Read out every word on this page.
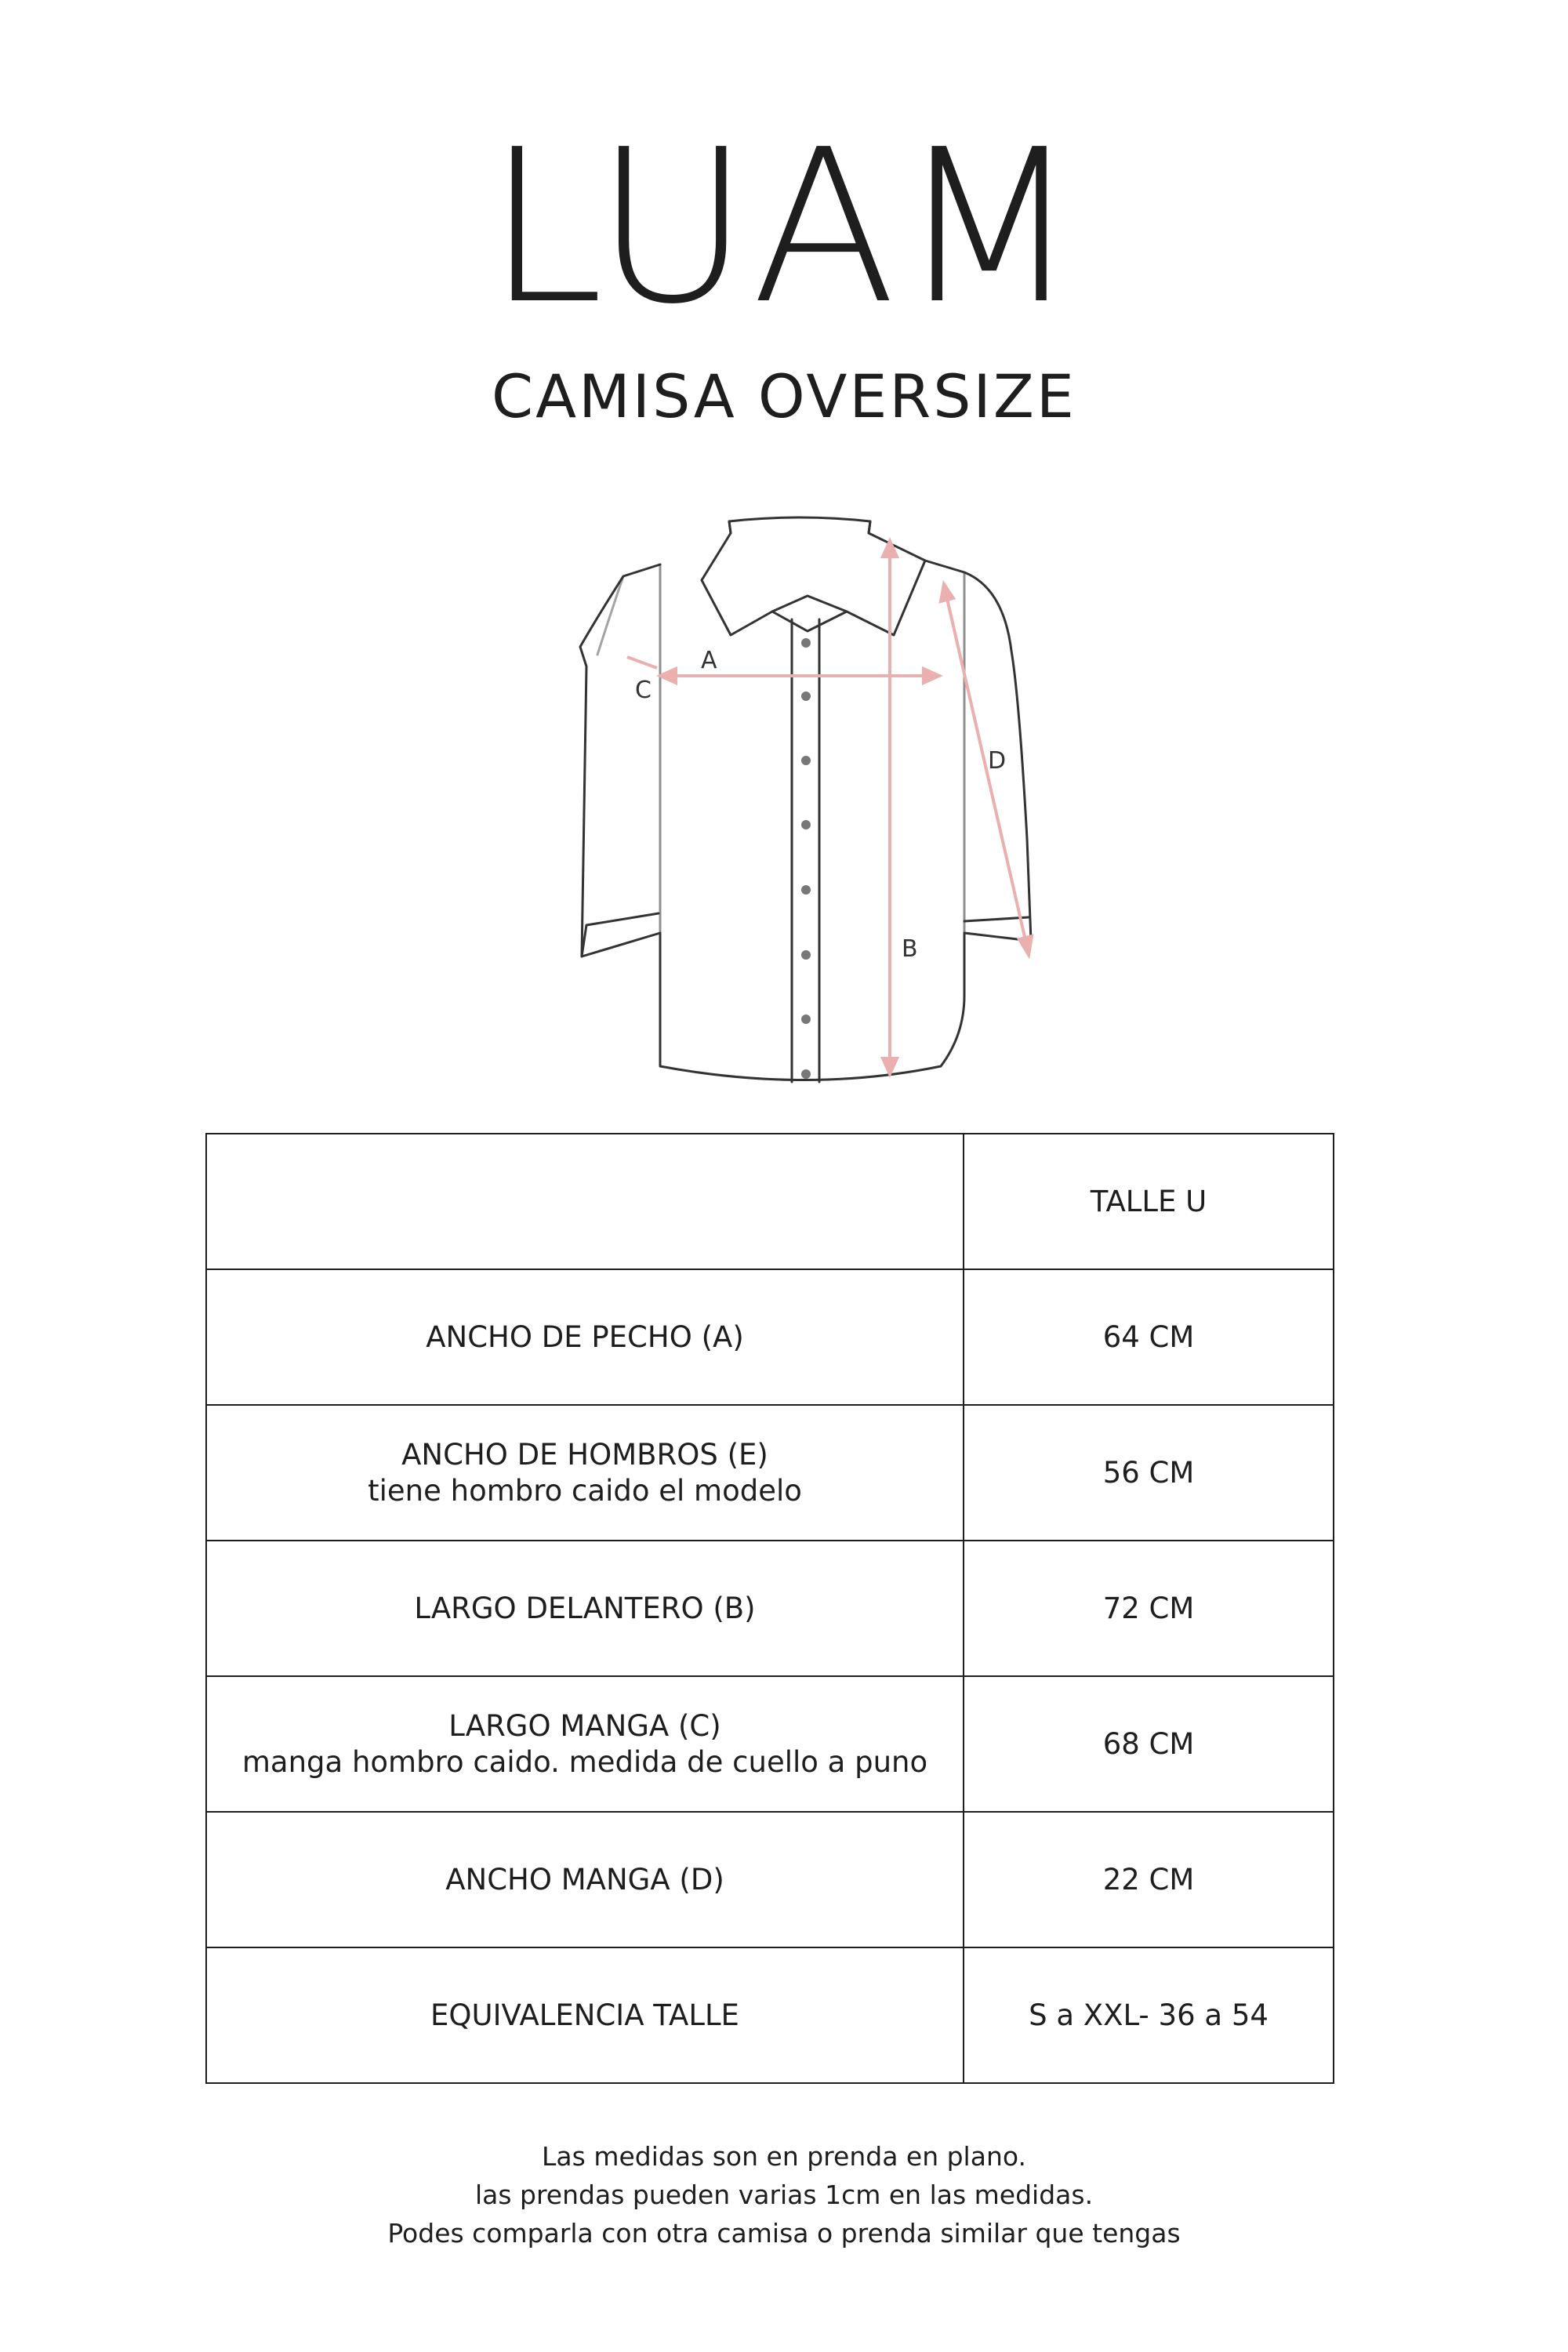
LUAM
CAMISA OVERSIZE
A
B
C
D
	TALLE U
ANCHO DE PECHO (A)	64 CM

ANCHO DE HOMBROS (E)
tiene hombro caido el modelo	56 CM
LARGO DELANTERO (B)	72 CM

LARGO MANGA (C)
manga hombro caido. medida de cuello a puno	68 CM
ANCHO MANGA (D)	22 CM
EQUIVALENCIA TALLE	S a XXL- 36 a 54
Las medidas son en prenda en plano.
las prendas pueden varias 1cm en las medidas.
Podes comparla con otra camisa o prenda similar que tengas
